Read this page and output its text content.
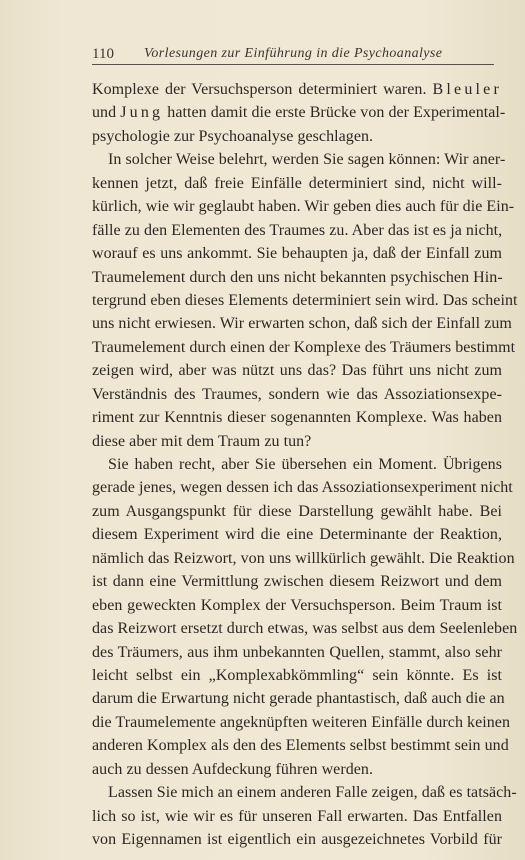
110 Vorlesungen zur Einführung in die Psychoanalyse

Komplexe der Versuchsperson determiniert waren. Bleuler
und Jung hatten damit die erste Brücke von der Experimental-
psychologie zur Psychoanalyse geschlagen.

In solcher Weise belehrt, werden Sie sagen können: Wir aner-
kennen jetzt, daß freie Einfälle determiniert sind, nicht will-
kürlich, wie wir geglaubt haben. Wir geben dies auch für die Ein-
fälle zu den Elementen des Traumes zu. Aber das ist es ja nicht,
worauf es uns ankommt. Sie behaupten ja, daß der Einfall zum
Traumelement durch den uns nicht bekannten psychischen Hin-
tergrund eben dieses Elements determiniert sein wird. Das scheint
uns nicht erwiesen. Wir erwarten schon, daß sich der Einfall zum
Traumelement durch einen der Komplexe des Träumers bestimmt
zeigen wird, aber was nützt uns das? Das führt uns nicht zum
Verständnis des Traumes, sondern wie das Assoziationsexpe-
riment zur Kenntnis dieser sogenannten Komplexe. Was haben
diese aber mit dem Traum zu tun?

Sie haben recht, aber Sie übersehen ein Moment. Übrigens
gerade jenes, wegen dessen ich das Assoziationsexperiment nicht
zum Ausgangspunkt für diese Darstellung gewählt habe. Bei
diesem Experiment wird die eine Determinante der Reaktion,
nämlich das Reizwort, von uns willkürlich gewählt. Die Reaktion
ist dann eine Vermittlung zwischen diesem Reizwort und dem
eben geweckten Komplex der Versuchsperson. Beim Traum ist
das Reizwort ersetzt durch etwas, was selbst aus dem Seelenleben
des Träumers, aus ihm unbekannten Quellen, stammt, also sehr
leicht selbst ein „Komplexabkömmling“ sein könnte. Es ist
darum die Erwartung nicht gerade phantastisch, daß auch die an
die Traumelemente angeknüpften weiteren Einfälle durch keinen
anderen Komplex als den des Elements selbst bestimmt sein und
auch zu dessen Aufdeckung führen werden.

Lassen Sie mich an einem anderen Falle zeigen, daß es tatsäch-
lich so ist, wie wir es für unseren Fall erwarten. Das Entfallen
von Eigennamen ist eigentlich ein ausgezeichnetes Vorbild für
